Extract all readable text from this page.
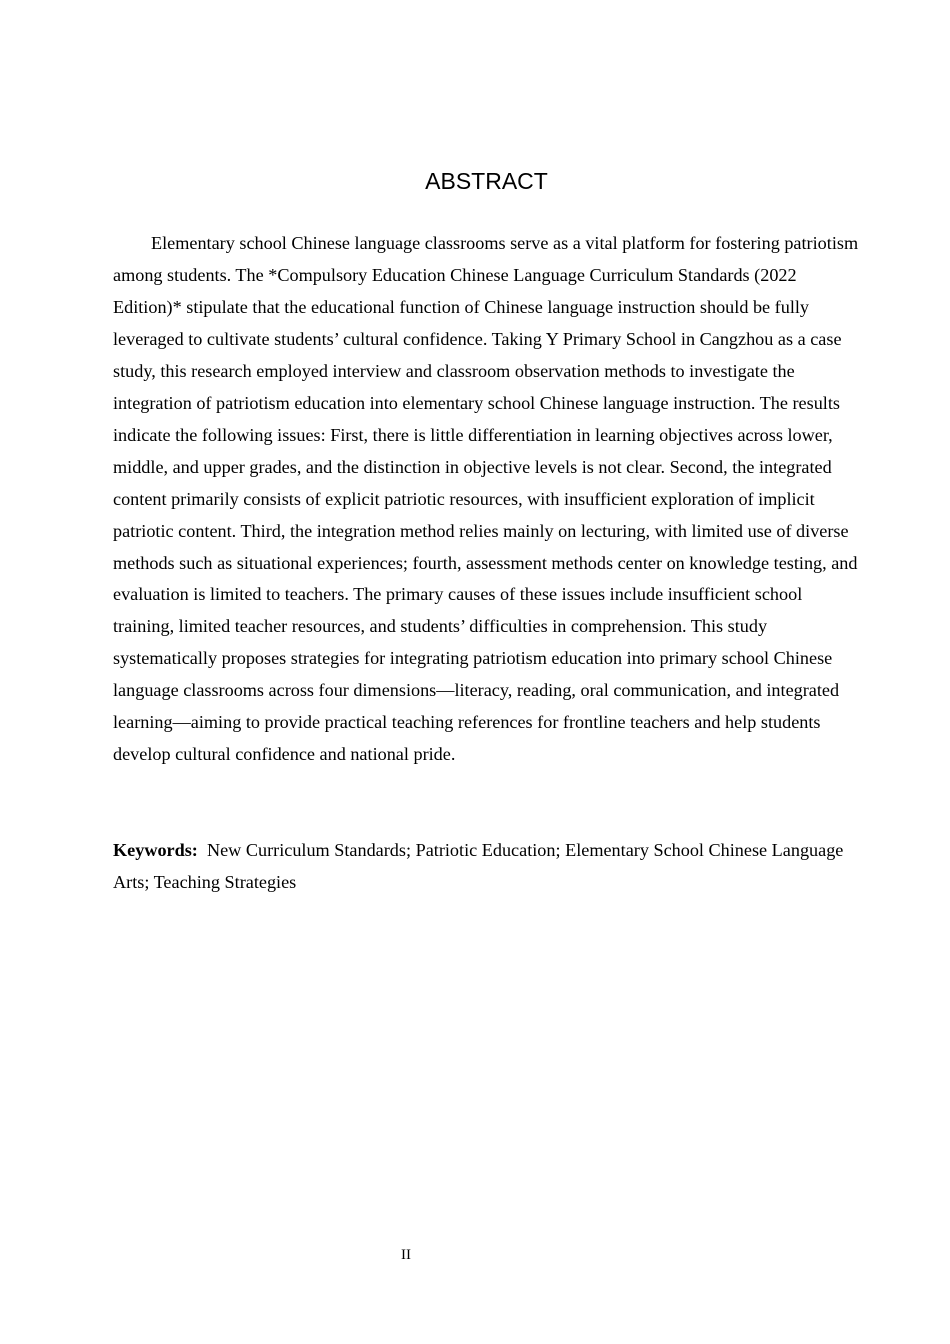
ABSTRACT

Elementary school Chinese language classrooms serve as a vital platform for fostering patriotism among students. The *Compulsory Education Chinese Language Curriculum Standards (2022 Edition)* stipulate that the educational function of Chinese language instruction should be fully leveraged to cultivate students’ cultural confidence. Taking Y Primary School in Cangzhou as a case study, this research employed interview and classroom observation methods to investigate the integration of patriotism education into elementary school Chinese language instruction. The results indicate the following issues: First, there is little differentiation in learning objectives across lower, middle, and upper grades, and the distinction in objective levels is not clear. Second, the integrated content primarily consists of explicit patriotic resources, with insufficient exploration of implicit patriotic content. Third, the integration method relies mainly on lecturing, with limited use of diverse methods such as situational experiences; fourth, assessment methods center on knowledge testing, and evaluation is limited to teachers. The primary causes of these issues include insufficient school training, limited teacher resources, and students’ difficulties in comprehension. This study systematically proposes strategies for integrating patriotism education into primary school Chinese language classrooms across four dimensions—literacy, reading, oral communication, and integrated learning—aiming to provide practical teaching references for frontline teachers and help students develop cultural confidence and national pride.

Keywords: New Curriculum Standards; Patriotic Education; Elementary School Chinese Language Arts; Teaching Strategies

II
